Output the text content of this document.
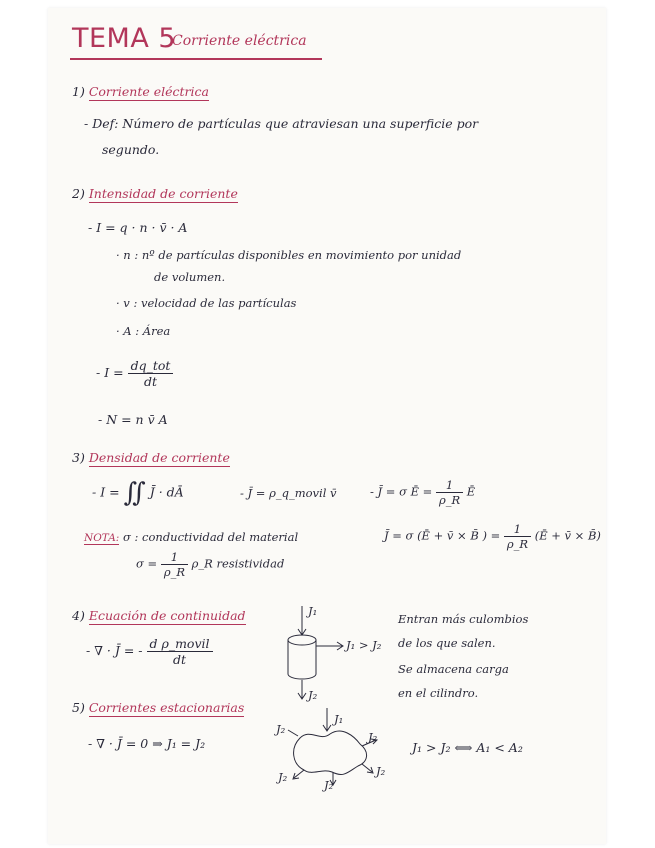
TEMA 5
Corriente eléctrica
1) Corriente eléctrica
- Def: Número de partículas que atraviesan una superficie por
segundo.
2) Intensidad de corriente
- I = q · n · v̄ · A
· n : nº de partículas disponibles en movimiento por unidad
de volumen.
· v : velocidad de las partículas
· A : Área
- $I = \frac{\text{dq\_tot}}{dt}$
- N = n v̄ A
3) Densidad de corriente
- I = ∬ J̄ · dĀ	- J̄ = ρ_q_movil v̄	- J̄ = σ Ē = $\frac{1}{\rho\_R}$ Ē
NOTA: σ : conductividad del material
$\sigma = \frac{1}{\rho\_R}$ ρ_R resistividad
J̄ = σ (Ē + v̄ × B̄ ) = $\frac{1}{\rho\_R}$ (Ē + v̄ × B̄)
4) Ecuación de continuidad
- ∇̄ · J̄ = - $\frac{\text{d ρ\_movil}}{dt}$
J₁
J₁ > J₂
J₂
Entran más culombios
de los que salen.
Se almacena carga
en el cilindro.
5) Corrientes estacionarias
- ∇̄ · J̄ = 0 ⇒ J₁ = J₂
J₁
J₂
J₂
J₂
J₂
J₂
J₁ > J₂ ⟺ A₁ < A₂
